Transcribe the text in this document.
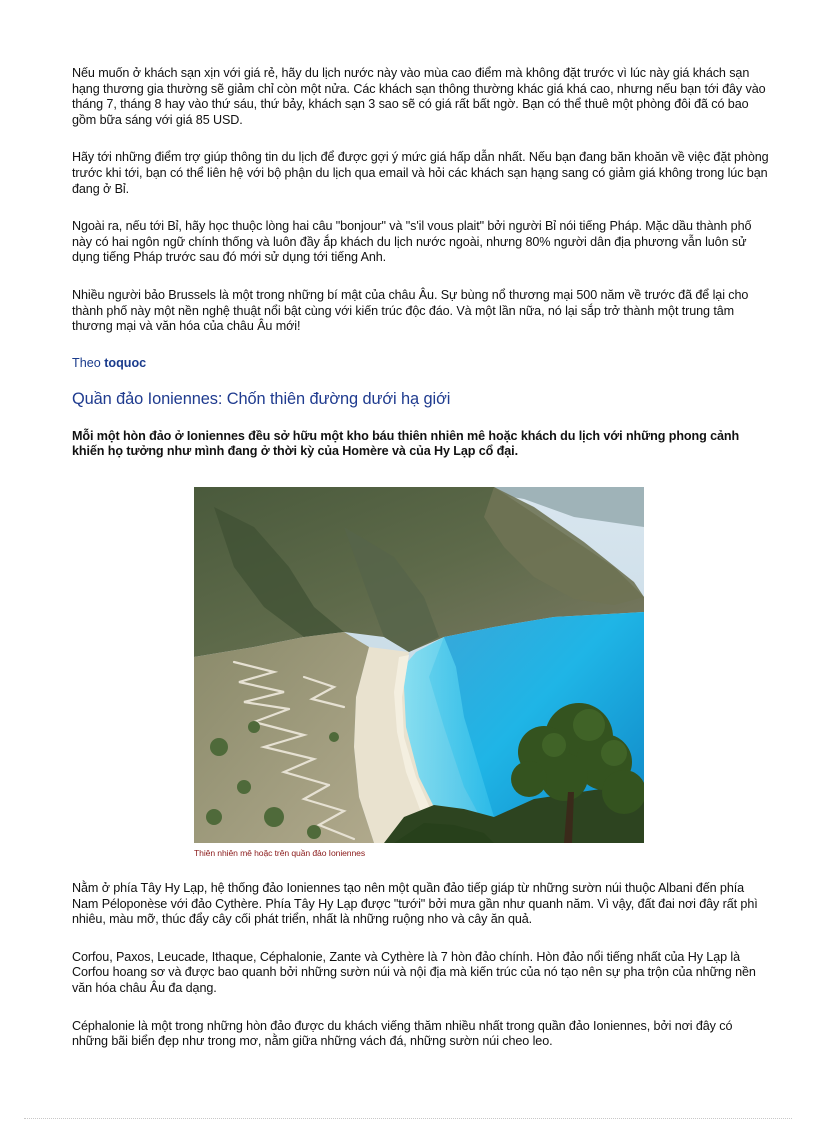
Nếu muốn ở khách sạn xịn với giá rẻ, hãy du lịch nước này vào mùa cao điểm mà không đặt trước vì lúc này giá khách sạn hạng thương gia thường sẽ giảm chỉ còn một nửa. Các khách sạn thông thường khác giá khá cao, nhưng nếu bạn tới đây vào tháng 7, tháng 8 hay vào thứ sáu, thứ bảy, khách sạn 3 sao sẽ có giá rất bất ngờ. Bạn có thể thuê một phòng đôi đã có bao gồm bữa sáng với giá 85 USD.

Hãy tới những điểm trợ giúp thông tin du lịch để được gợi ý mức giá hấp dẫn nhất. Nếu bạn đang băn khoăn về việc đặt phòng trước khi tới, bạn có thể liên hệ với bộ phận du lịch qua email và hỏi các khách sạn hạng sang có giảm giá không trong lúc bạn đang ở Bỉ.

Ngoài ra, nếu tới Bỉ, hãy học thuộc lòng hai câu "bonjour" và "s'il vous plait" bởi người Bỉ nói tiếng Pháp. Mặc dầu thành phố này có hai ngôn ngữ chính thống và luôn đầy ắp khách du lịch nước ngoài, nhưng 80% người dân địa phương vẫn luôn sử dụng tiếng Pháp trước sau đó mới sử dụng tới tiếng Anh.

Nhiều người bảo Brussels là một trong những bí mật của châu Âu. Sự bùng nổ thương mại 500 năm về trước đã để lại cho thành phố này một nền nghệ thuật nổi bật cùng với kiến trúc độc đáo. Và một lần nữa, nó lại sắp trở thành một trung tâm thương mại và văn hóa của châu Âu mới!

Theo toquoc
Quần đảo Ioniennes: Chốn thiên đường dưới hạ giới
Mỗi một hòn đảo ở Ioniennes đều sở hữu một kho báu thiên nhiên mê hoặc khách du lịch với những phong cảnh khiến họ tưởng như mình đang ở thời kỳ của Homère và của Hy Lạp cổ đại.
Thiên nhiên mê hoặc trên quần đảo Ioniennes

Nằm ở phía Tây Hy Lạp, hệ thống đảo Ioniennes tạo nên một quần đảo tiếp giáp từ những sườn núi thuộc Albani đến phía Nam Péloponèse với đảo Cythère. Phía Tây Hy Lạp được "tưới" bởi mưa gần như quanh năm. Vì vậy, đất đai nơi đây rất phì nhiêu, màu mỡ, thúc đẩy cây cối phát triển, nhất là những ruộng nho và cây ăn quả.

Corfou, Paxos, Leucade, Ithaque, Céphalonie, Zante và Cythère là 7 hòn đảo chính. Hòn đảo nổi tiếng nhất của Hy Lạp là Corfou hoang sơ và được bao quanh bởi những sườn núi và nội địa mà kiến trúc của nó tạo nên sự pha trộn của những nền văn hóa châu Âu đa dạng.

Céphalonie là một trong những hòn đảo được du khách viếng thăm nhiều nhất trong quần đảo Ioniennes, bởi nơi đây có những bãi biển đẹp như trong mơ, nằm giữa những vách đá, những sườn núi cheo leo.
